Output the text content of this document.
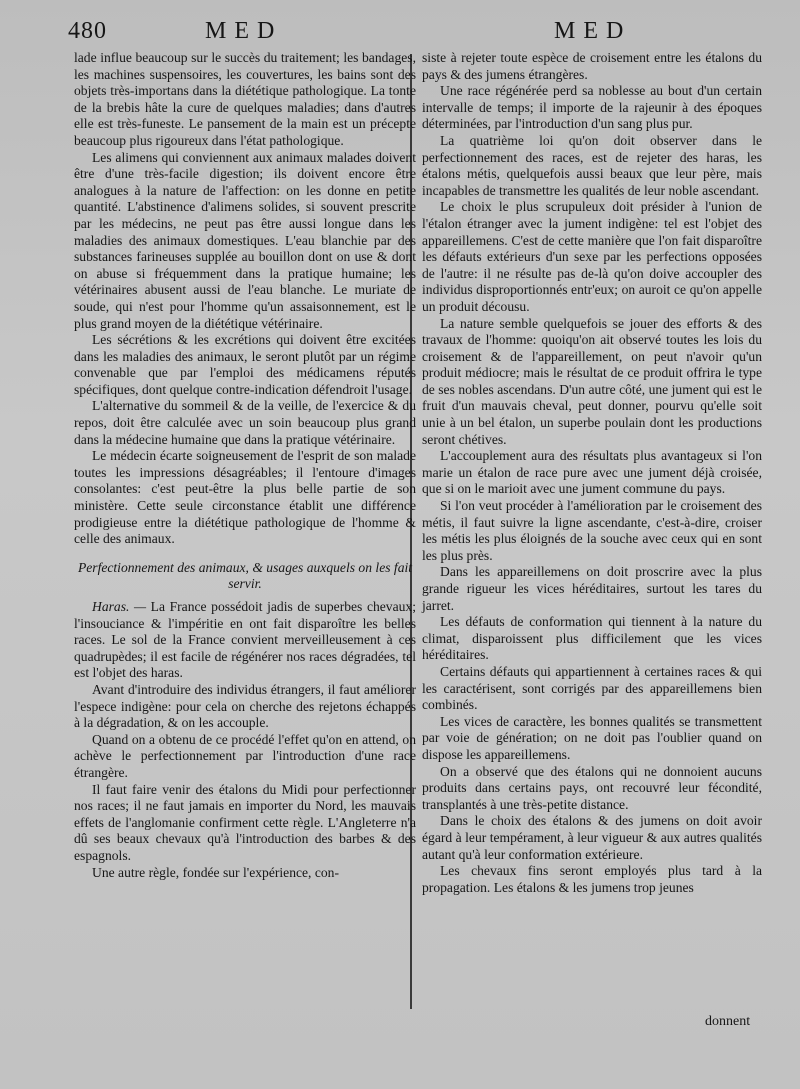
480	MED	MED

lade influe beaucoup sur le succès du traitement; les bandages, les machines suspensoires, les couvertures, les bains sont des objets très-importans dans la diététique pathologique. La tonte de la brebis hâte la cure de quelques maladies; dans d'autres elle est très-funeste. Le pansement de la main est un précepte beaucoup plus rigoureux dans l'état pathologique.

Les alimens qui conviennent aux animaux malades doivent être d'une très-facile digestion; ils doivent encore être analogues à la nature de l'affection: on les donne en petite quantité. L'abstinence d'alimens solides, si souvent prescrite par les médecins, ne peut pas être aussi longue dans les maladies des animaux domestiques. L'eau blanchie par des substances farineuses supplée au bouillon dont on use & dont on abuse si fréquemment dans la pratique humaine; les vétérinaires abusent aussi de l'eau blanche. Le muriate de soude, qui n'est pour l'homme qu'un assaisonnement, est le plus grand moyen de la diététique vétérinaire.

Les sécrétions & les excrétions qui doivent être excitées dans les maladies des animaux, le seront plutôt par un régime convenable que par l'emploi des médicamens réputés spécifiques, dont quelque contre-indication défendroit l'usage.

L'alternative du sommeil & de la veille, de l'exercice & du repos, doit être calculée avec un soin beaucoup plus grand dans la médecine humaine que dans la pratique vétérinaire.

Le médecin écarte soigneusement de l'esprit de son malade toutes les impressions désagréables; il l'entoure d'images consolantes: c'est peut-être la plus belle partie de son ministère. Cette seule circonstance établit une différence prodigieuse entre la diététique pathologique de l'homme & celle des animaux.

Perfectionnement des animaux, & usages auxquels on les fait servir.

Haras. — La France possédoit jadis de superbes chevaux; l'insouciance & l'impéritie en ont fait disparoître les belles races. Le sol de la France convient merveilleusement à ces quadrupèdes; il est facile de régénérer nos races dégradées, tel est l'objet des haras.

Avant d'introduire des individus étrangers, il faut améliorer l'espece indigène: pour cela on cherche des rejetons échappés à la dégradation, & on les accouple.

Quand on a obtenu de ce procédé l'effet qu'on en attend, on achève le perfectionnement par l'introduction d'une race étrangère.

Il faut faire venir des étalons du Midi pour perfectionner nos races; il ne faut jamais en importer du Nord, les mauvais effets de l'anglomanie confirment cette règle. L'Angleterre n'a dû ses beaux chevaux qu'à l'introduction des barbes & des espagnols.

Une autre règle, fondée sur l'expérience, con-

siste à rejeter toute espèce de croisement entre les étalons du pays & des jumens étrangères.

Une race régénérée perd sa noblesse au bout d'un certain intervalle de temps; il importe de la rajeunir à des époques déterminées, par l'introduction d'un sang plus pur.

La quatrième loi qu'on doit observer dans le perfectionnement des races, est de rejeter des haras, les étalons métis, quelquefois aussi beaux que leur père, mais incapables de transmettre les qualités de leur noble ascendant.

Le choix le plus scrupuleux doit présider à l'union de l'étalon étranger avec la jument indigène: tel est l'objet des appareillemens. C'est de cette manière que l'on fait disparoître les défauts extérieurs d'un sexe par les perfections opposées de l'autre: il ne résulte pas de-là qu'on doive accoupler des individus disproportionnés entr'eux; on auroit ce qu'on appelle un produit décousu.

La nature semble quelquefois se jouer des efforts & des travaux de l'homme: quoiqu'on ait observé toutes les lois du croisement & de l'appareillement, on peut n'avoir qu'un produit médiocre; mais le résultat de ce produit offrira le type de ses nobles ascendans. D'un autre côté, une jument qui est le fruit d'un mauvais cheval, peut donner, pourvu qu'elle soit unie à un bel étalon, un superbe poulain dont les productions seront chétives.

L'accouplement aura des résultats plus avantageux si l'on marie un étalon de race pure avec une jument déjà croisée, que si on le marioit avec une jument commune du pays.

Si l'on veut procéder à l'amélioration par le croisement des métis, il faut suivre la ligne ascendante, c'est-à-dire, croiser les métis les plus éloignés de la souche avec ceux qui en sont les plus près.

Dans les appareillemens on doit proscrire avec la plus grande rigueur les vices héréditaires, surtout les tares du jarret.

Les défauts de conformation qui tiennent à la nature du climat, disparoissent plus difficilement que les vices héréditaires.

Certains défauts qui appartiennent à certaines races & qui les caractérisent, sont corrigés par des appareillemens bien combinés.

Les vices de caractère, les bonnes qualités se transmettent par voie de génération; on ne doit pas l'oublier quand on dispose les appareillemens.

On a observé que des étalons qui ne donnoient aucuns produits dans certains pays, ont recouvré leur fécondité, transplantés à une très-petite distance.

Dans le choix des étalons & des jumens on doit avoir égard à leur tempérament, à leur vigueur & aux autres qualités autant qu'à leur conformation extérieure.

Les chevaux fins seront employés plus tard à la propagation. Les étalons & les jumens trop jeunes

donnent
